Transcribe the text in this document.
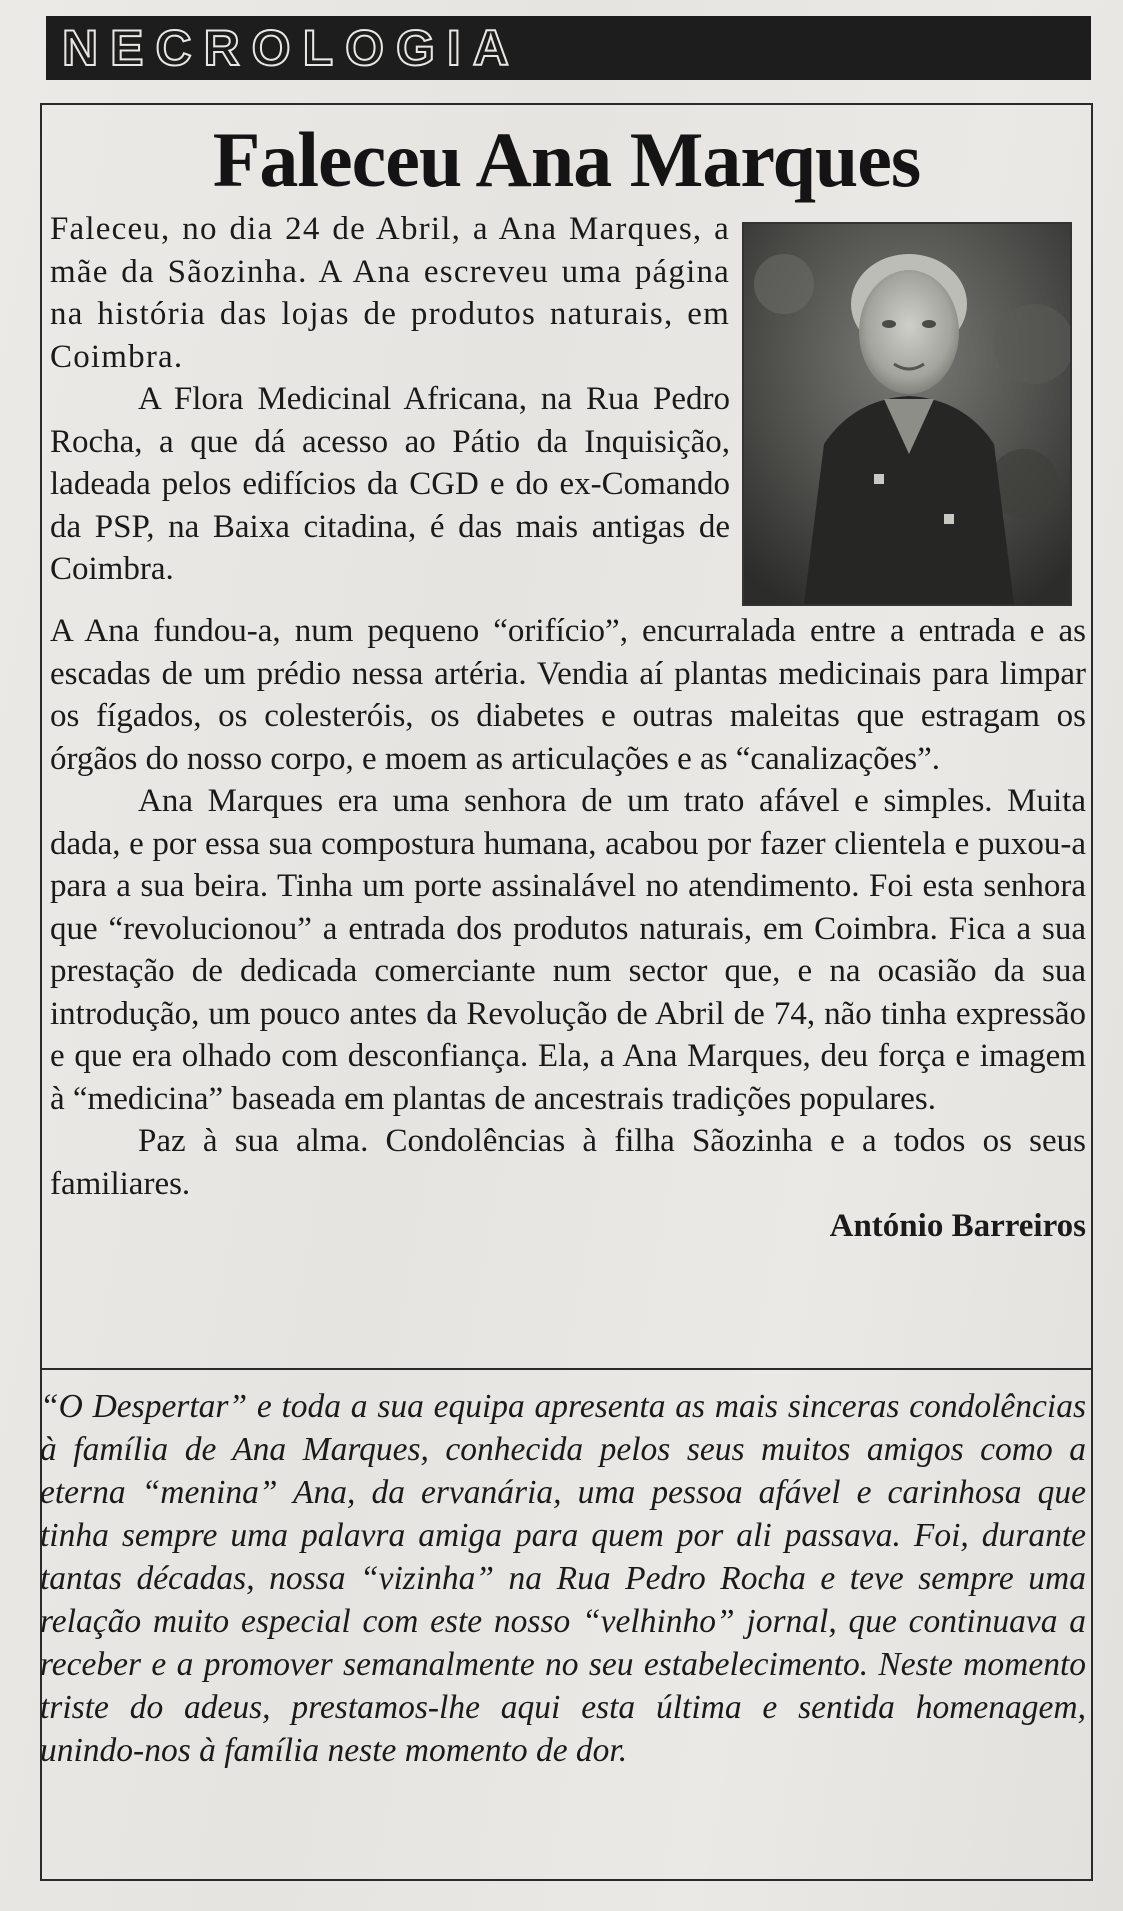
NECROLOGIA
Faleceu Ana Marques

Faleceu, no dia 24 de Abril, a Ana Marques, a mãe da Sãozinha. A Ana escreveu uma página na história das lojas de produtos naturais, em Coimbra.

A Flora Medicinal Africana, na Rua Pedro Rocha, a que dá acesso ao Pátio da Inquisição, ladeada pelos edifícios da CGD e do ex-Comando da PSP, na Baixa citadina, é das mais antigas de Coimbra.

A Ana fundou-a, num pequeno “orifício”, encurralada entre a entrada e as escadas de um prédio nessa artéria. Vendia aí plantas medicinais para limpar os fígados, os colesteróis, os diabetes e outras maleitas que estragam os órgãos do nosso corpo, e moem as articulações e as “canalizações”.

Ana Marques era uma senhora de um trato afável e simples. Muita dada, e por essa sua compostura humana, acabou por fazer clientela e puxou-a para a sua beira. Tinha um porte assinalável no atendimento. Foi esta senhora que “revolucionou” a entrada dos produtos naturais, em Coimbra. Fica a sua prestação de dedicada comerciante num sector que, e na ocasião da sua introdução, um pouco antes da Revolução de Abril de 74, não tinha expressão e que era olhado com desconfiança. Ela, a Ana Marques, deu força e imagem à “medicina” baseada em plantas de ancestrais tradições populares.

Paz à sua alma. Condolências à filha Sãozinha e a todos os seus familiares.

António Barreiros

“O Despertar” e toda a sua equipa apresenta as mais sinceras condolências à família de Ana Marques, conhecida pelos seus muitos amigos como a eterna “menina” Ana, da ervanária, uma pessoa afável e carinhosa que tinha sempre uma palavra amiga para quem por ali passava. Foi, durante tantas décadas, nossa “vizinha” na Rua Pedro Rocha e teve sempre uma relação muito especial com este nosso “velhinho” jornal, que continuava a receber e a promover semanalmente no seu estabelecimento. Neste momento triste do adeus, prestamos-lhe aqui esta última e sentida homenagem, unindo-nos à família neste momento de dor.
